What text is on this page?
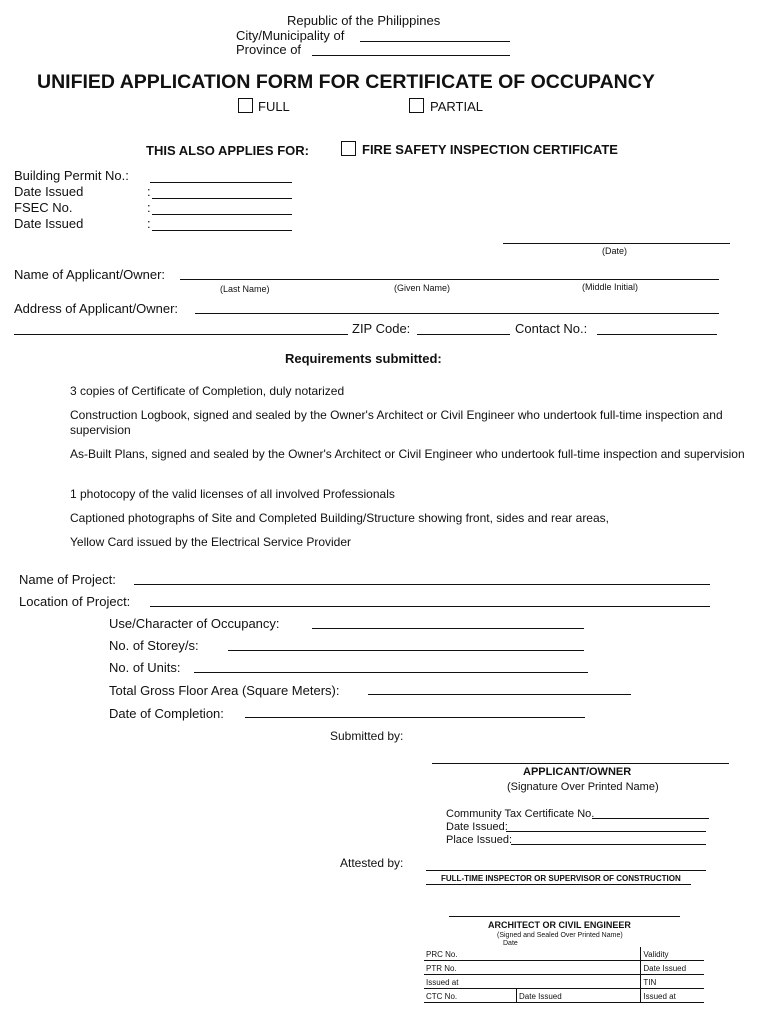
Republic of the Philippines
City/Municipality of
Province of
UNIFIED APPLICATION FORM FOR CERTIFICATE OF OCCUPANCY
FULL	PARTIAL
THIS ALSO APPLIES FOR:	FIRE SAFETY INSPECTION CERTIFICATE
Building Permit No.:
Date Issued	:
FSEC No.	:
Date Issued	:
(Date)
Name of Applicant/Owner:
(Last Name)	(Given Name)	(Middle Initial)
Address of Applicant/Owner:
ZIP Code:	Contact No.:
Requirements submitted:
3 copies of Certificate of Completion, duly notarized
Construction Logbook, signed and sealed by the Owner's Architect or Civil Engineer who undertook full-time inspection and supervision
As-Built Plans, signed and sealed by the Owner's Architect or Civil Engineer who undertook full-time inspection and supervision
1 photocopy of the valid licenses of all involved Professionals
Captioned photographs of Site and Completed Building/Structure showing front, sides and rear areas,
Yellow Card issued by the Electrical Service Provider
Name of Project:
Location of Project:
Use/Character of Occupancy:
No. of Storey/s:
No. of Units:
Total Gross Floor Area (Square Meters):
Date of Completion:
Submitted by:
APPLICANT/OWNER
(Signature Over Printed Name)
Community Tax Certificate No.
Date Issued:
Place Issued:
Attested by:
FULL-TIME INSPECTOR OR SUPERVISOR OF CONSTRUCTION
ARCHITECT OR CIVIL ENGINEER
(Signed and Sealed Over Printed Name)
Date
PRC No.		Validity
PTR No.		Date Issued
Issued at		TIN
CTC No.	Date Issued	Issued at
